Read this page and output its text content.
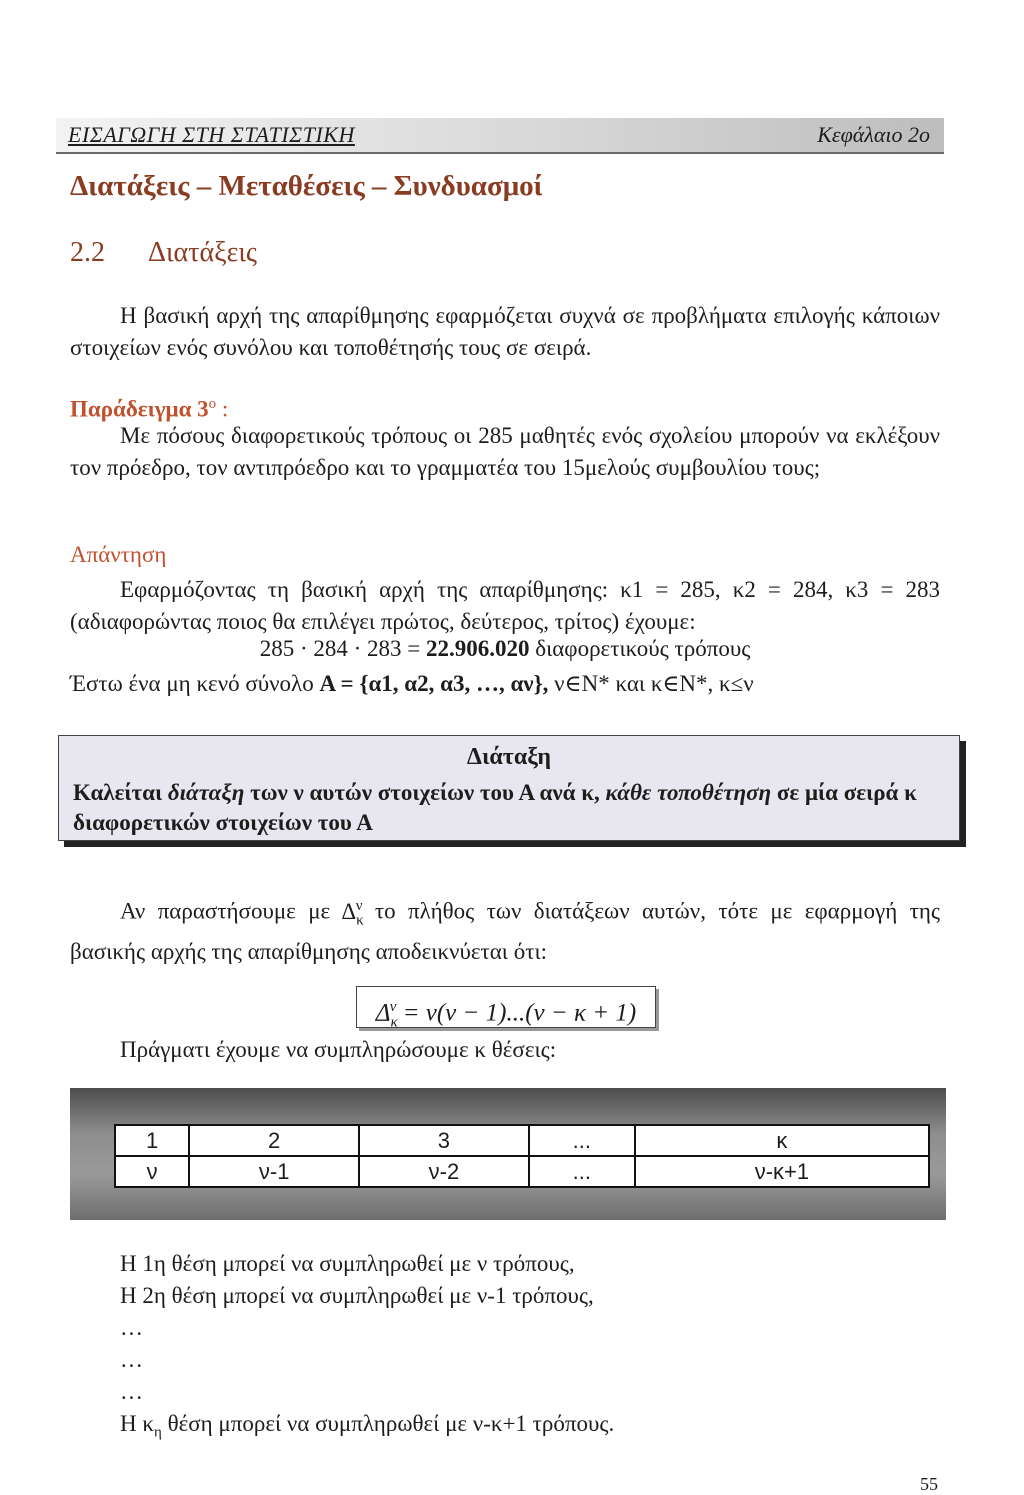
ΕΙΣΑΓΩΓΗ ΣΤΗ ΣΤΑΤΙΣΤΙΚΗ	Κεφάλαιο 2ο
Διατάξεις – Μεταθέσεις – Συνδυασμοί
2.2 Διατάξεις
Η βασική αρχή της απαρίθμησης εφαρμόζεται συχνά σε προβλήματα επιλογής κάποιων στοιχείων ενός συνόλου και τοποθέτησής τους σε σειρά.
Παράδειγμα $3^o$ :
Με πόσους διαφορετικούς τρόπους οι 285 μαθητές ενός σχολείου μπορούν να εκλέξουν τον πρόεδρο, τον αντιπρόεδρο και το γραμματέα του 15μελούς συμβουλίου τους;
Απάντηση
Εφαρμόζοντας τη βασική αρχή της απαρίθμησης: κ1 = 285, κ2 = 284, κ3 = 283 (αδιαφορώντας ποιος θα επιλέγει πρώτος, δεύτερος, τρίτος) έχουμε:
285 · 284 · 283 = 22.906.020 διαφορετικούς τρόπους
Έστω ένα μη κενό σύνολο Α = {α1, α2, α3, …, αν}, ν∈N* και κ∈N*, κ≤ν
Διάταξη
Καλείται διάταξη των ν αυτών στοιχείων του Α ανά κ, κάθε τοποθέτηση σε μία σειρά κ διαφορετικών στοιχείων του Α
Αν παραστήσουμε με $\Delta_\kappa^\nu$ το πλήθος των διατάξεων αυτών, τότε με εφαρμογή της βασικής αρχής της απαρίθμησης αποδεικνύεται ότι:
$\Delta_\kappa^\nu = \nu(\nu - 1)...(\nu - \kappa + 1)$
Πράγματι έχουμε να συμπληρώσουμε κ θέσεις:
1	2	3	...	κ
ν	ν-1	ν-2	...	ν-κ+1
Η 1η θέση μπορεί να συμπληρωθεί με ν τρόπους,
Η 2η θέση μπορεί να συμπληρωθεί με ν-1 τρόπους,
…
…
…
Η $\kappa_\eta$ θέση μπορεί να συμπληρωθεί με ν-κ+1 τρόπους.
55
